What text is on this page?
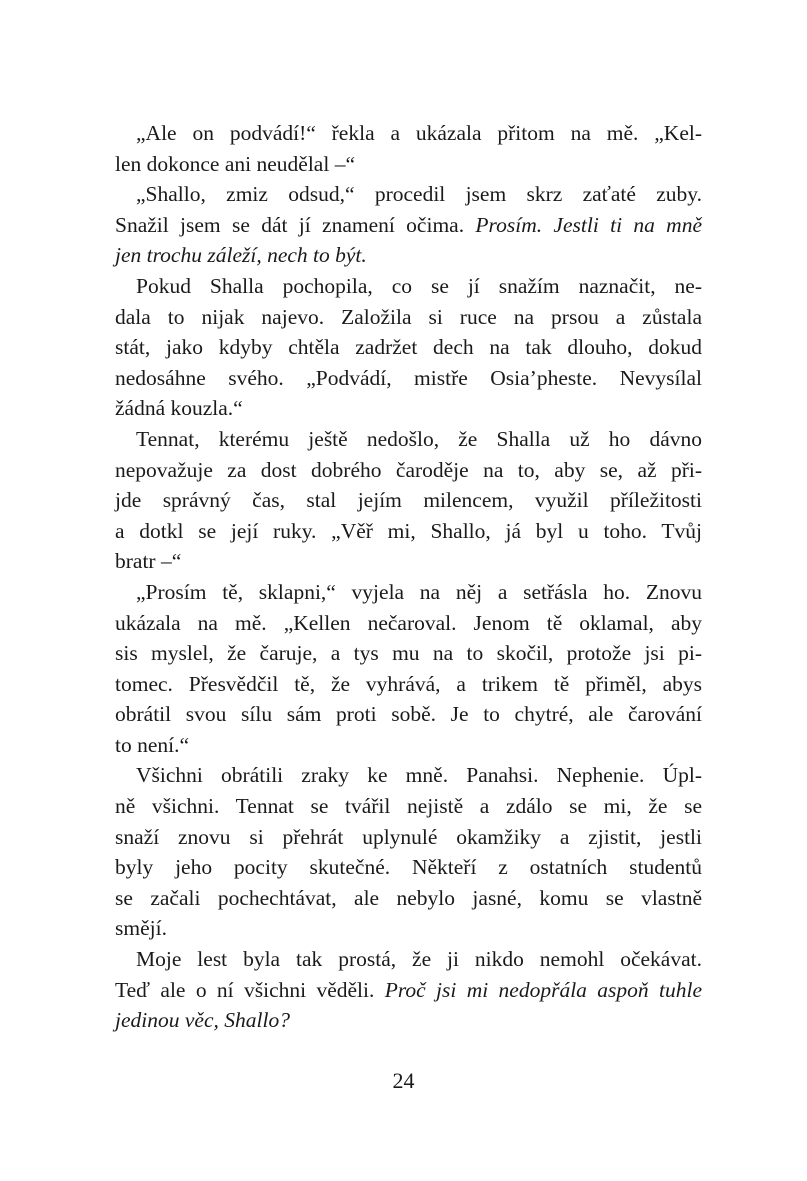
„Ale on podvádí!“ řekla a ukázala přitom na mě. „Kel-
len dokonce ani neudělal –“
„Shallo, zmiz odsud,“ procedil jsem skrz zaťaté zuby.
Snažil jsem se dát jí znamení očima. Prosím. Jestli ti na mně
jen trochu záleží, nech to být.
Pokud Shalla pochopila, co se jí snažím naznačit, ne-
dala to nijak najevo. Založila si ruce na prsou a zůstala
stát, jako kdyby chtěla zadržet dech na tak dlouho, dokud
nedosáhne svého. „Podvádí, mistře Osia’pheste. Nevysílal
žádná kouzla.“
Tennat, kterému ještě nedošlo, že Shalla už ho dávno
nepovažuje za dost dobrého čaroděje na to, aby se, až při-
jde správný čas, stal jejím milencem, využil příležitosti
a dotkl se její ruky. „Věř mi, Shallo, já byl u toho. Tvůj
bratr –“
„Prosím tě, sklapni,“ vyjela na něj a setřásla ho. Znovu
ukázala na mě. „Kellen nečaroval. Jenom tě oklamal, aby
sis myslel, že čaruje, a tys mu na to skočil, protože jsi pi-
tomec. Přesvědčil tě, že vyhrává, a trikem tě přiměl, abys
obrátil svou sílu sám proti sobě. Je to chytré, ale čarování
to není.“
Všichni obrátili zraky ke mně. Panahsi. Nephenie. Úpl-
ně všichni. Tennat se tvářil nejistě a zdálo se mi, že se
snaží znovu si přehrát uplynulé okamžiky a zjistit, jestli
byly jeho pocity skutečné. Někteří z ostatních studentů
se začali pochechtávat, ale nebylo jasné, komu se vlastně
smějí.
Moje lest byla tak prostá, že ji nikdo nemohl očekávat.
Teď ale o ní všichni věděli. Proč jsi mi nedopřála aspoň tuhle
jedinou věc, Shallo?
24
